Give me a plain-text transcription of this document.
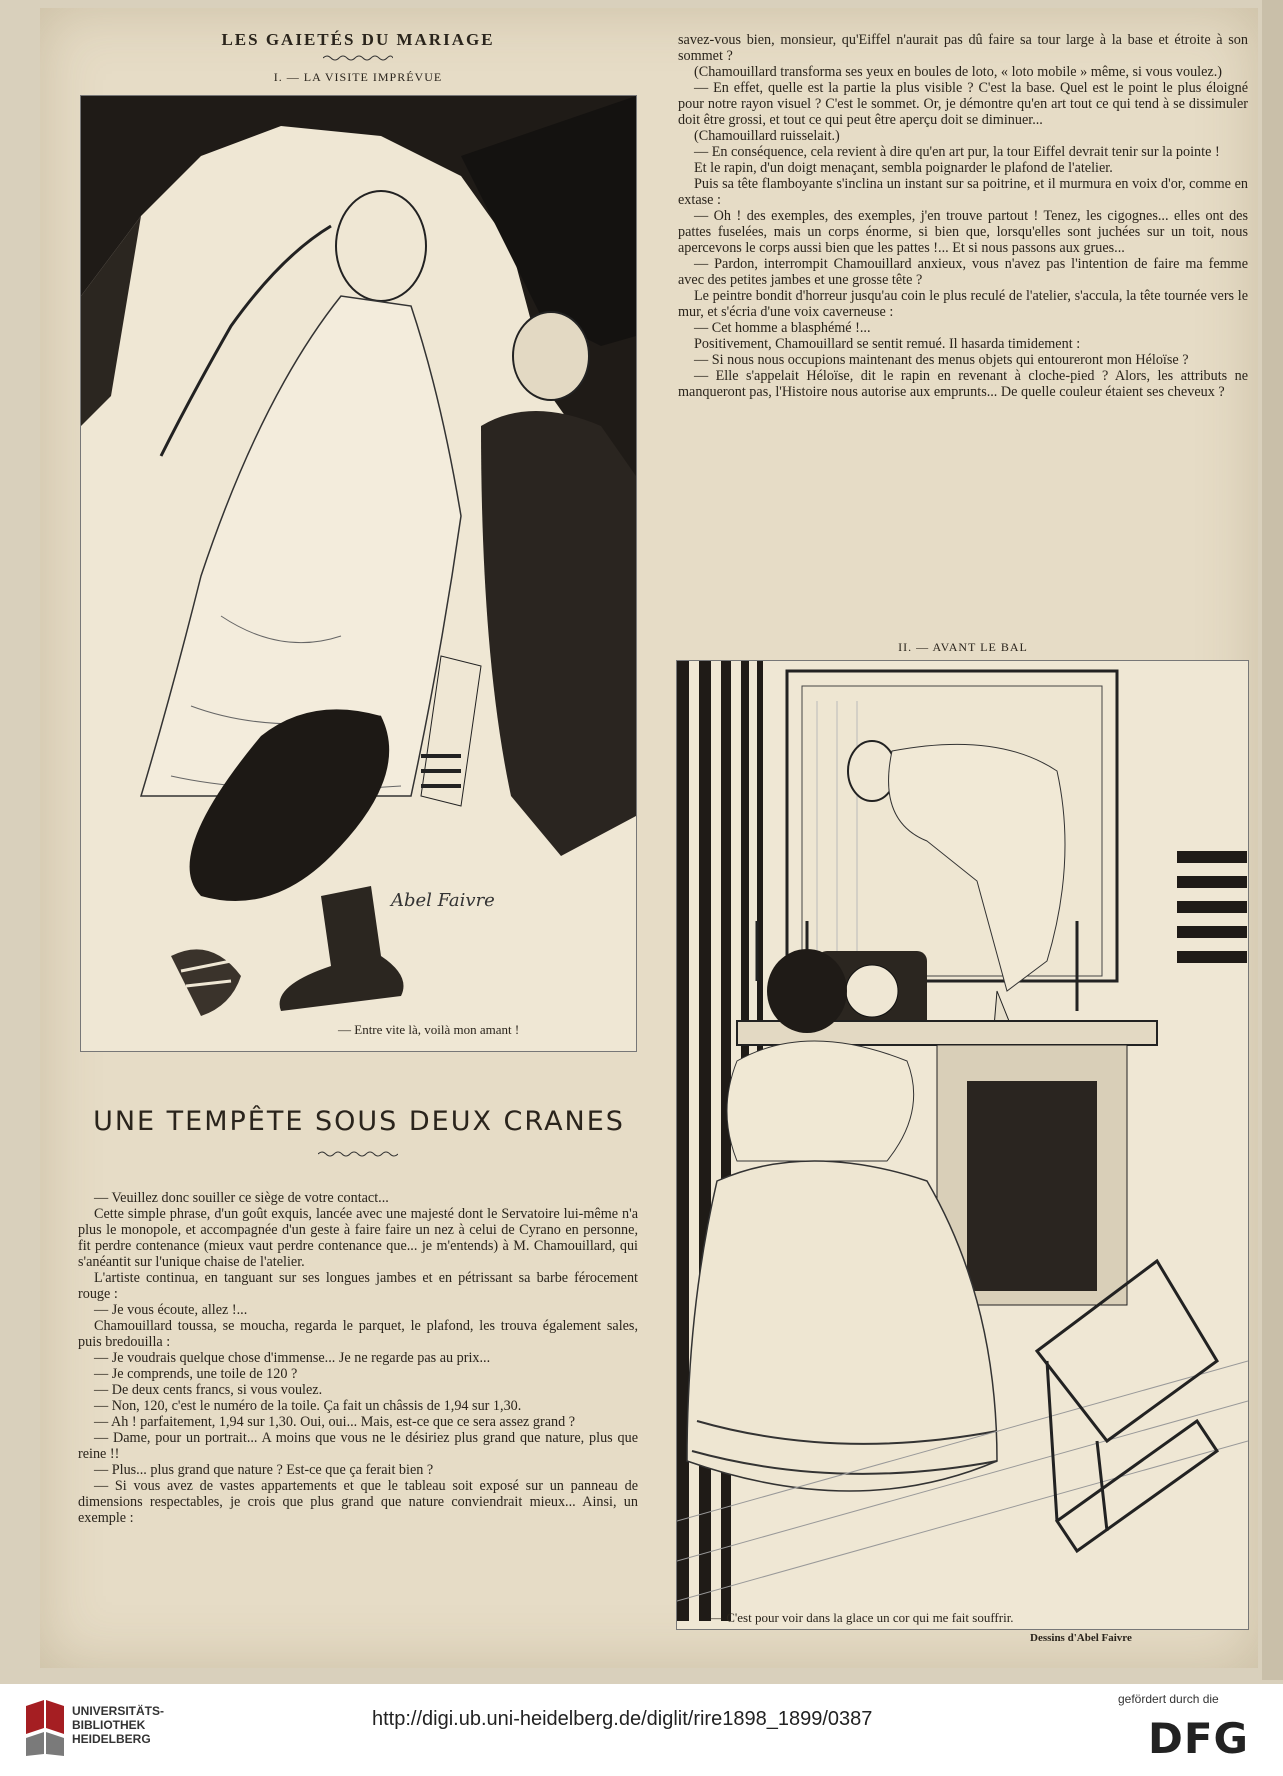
LES GAIETÉS DU MARIAGE
I. — LA VISITE IMPRÉVUE
Abel Faivre
— Entre vite là, voilà mon amant !
UNE TEMPÊTE SOUS DEUX CRANES

— Veuillez donc souiller ce siège de votre contact...

Cette simple phrase, d'un goût exquis, lancée avec une majesté dont le Servatoire lui-même n'a plus le monopole, et accompagnée d'un geste à faire faire un nez à celui de Cyrano en personne, fit perdre contenance (mieux vaut perdre contenance que... je m'entends) à M. Chamouillard, qui s'anéantit sur l'unique chaise de l'atelier.

L'artiste continua, en tanguant sur ses longues jambes et en pétrissant sa barbe férocement rouge :

— Je vous écoute, allez !...

Chamouillard toussa, se moucha, regarda le parquet, le plafond, les trouva également sales, puis bredouilla :

— Je voudrais quelque chose d'immense... Je ne regarde pas au prix...

— Je comprends, une toile de 120 ?

— De deux cents francs, si vous voulez.

— Non, 120, c'est le numéro de la toile. Ça fait un châssis de 1,94 sur 1,30.

— Ah ! parfaitement, 1,94 sur 1,30. Oui, oui... Mais, est-ce que ce sera assez grand ?

— Dame, pour un portrait... A moins que vous ne le désiriez plus grand que nature, plus que reine !!

— Plus... plus grand que nature ? Est-ce que ça ferait bien ?

— Si vous avez de vastes appartements et que le tableau soit exposé sur un panneau de dimensions respectables, je crois que plus grand que nature conviendrait mieux... Ainsi, un exemple :

savez-vous bien, monsieur, qu'Eiffel n'aurait pas dû faire sa tour large à la base et étroite à son sommet ?

(Chamouillard transforma ses yeux en boules de loto, « loto mobile » même, si vous voulez.)

— En effet, quelle est la partie la plus visible ? C'est la base. Quel est le point le plus éloigné pour notre rayon visuel ? C'est le sommet. Or, je démontre qu'en art tout ce qui tend à se dissimuler doit être grossi, et tout ce qui peut être aperçu doit se diminuer...

(Chamouillard ruisselait.)

— En conséquence, cela revient à dire qu'en art pur, la tour Eiffel devrait tenir sur la pointe !

Et le rapin, d'un doigt menaçant, sembla poignarder le plafond de l'atelier.

Puis sa tête flamboyante s'inclina un instant sur sa poitrine, et il murmura en voix d'or, comme en extase :

— Oh ! des exemples, des exemples, j'en trouve partout ! Tenez, les cigognes... elles ont des pattes fuselées, mais un corps énorme, si bien que, lorsqu'elles sont juchées sur un toit, nous apercevons le corps aussi bien que les pattes !... Et si nous passons aux grues...

— Pardon, interrompit Chamouillard anxieux, vous n'avez pas l'intention de faire ma femme avec des petites jambes et une grosse tête ?

Le peintre bondit d'horreur jusqu'au coin le plus reculé de l'atelier, s'accula, la tête tournée vers le mur, et s'écria d'une voix caverneuse :

— Cet homme a blasphémé !...

Positivement, Chamouillard se sentit remué. Il hasarda timidement :

— Si nous nous occupions maintenant des menus objets qui entoureront mon Héloïse ?

— Elle s'appelait Héloïse, dit le rapin en revenant à cloche-pied ? Alors, les attributs ne manqueront pas, l'Histoire nous autorise aux emprunts... De quelle couleur étaient ses cheveux ?

II. — AVANT LE BAL
— C'est pour voir dans la glace un cor qui me fait souffrir.
Dessins d'Abel Faivre
UNIVERSITÄTS-
BIBLIOTHEK
HEIDELBERG
http://digi.ub.uni-heidelberg.de/diglit/rire1898_1899/0387
gefördert durch die
DFG
